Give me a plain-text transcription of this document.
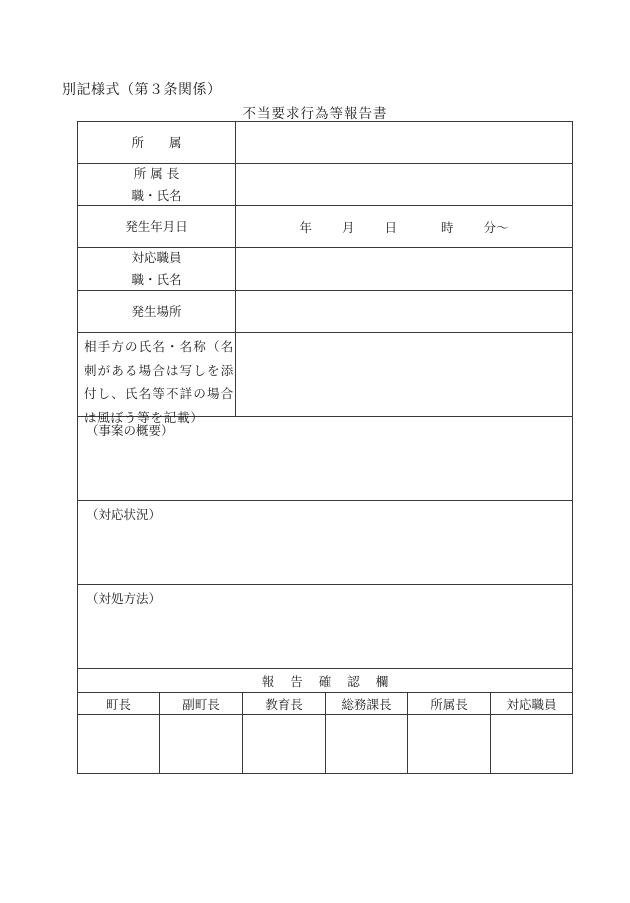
別記様式（第３条関係）
不当要求行為等報告書
所　　属
所 属 長
職・氏名
発生年月日	年 月 日	時 分～
対応職員
職・氏名
発生場所
相手方の氏名・名称（名刺がある場合は写しを添付し、氏名等不詳の場合は風ぼう等を記載）
（事案の概要）
（対応状況）
（対処方法）
報告確認欄
町長	副町長	教育長	総務課長	所属長	対応職員
